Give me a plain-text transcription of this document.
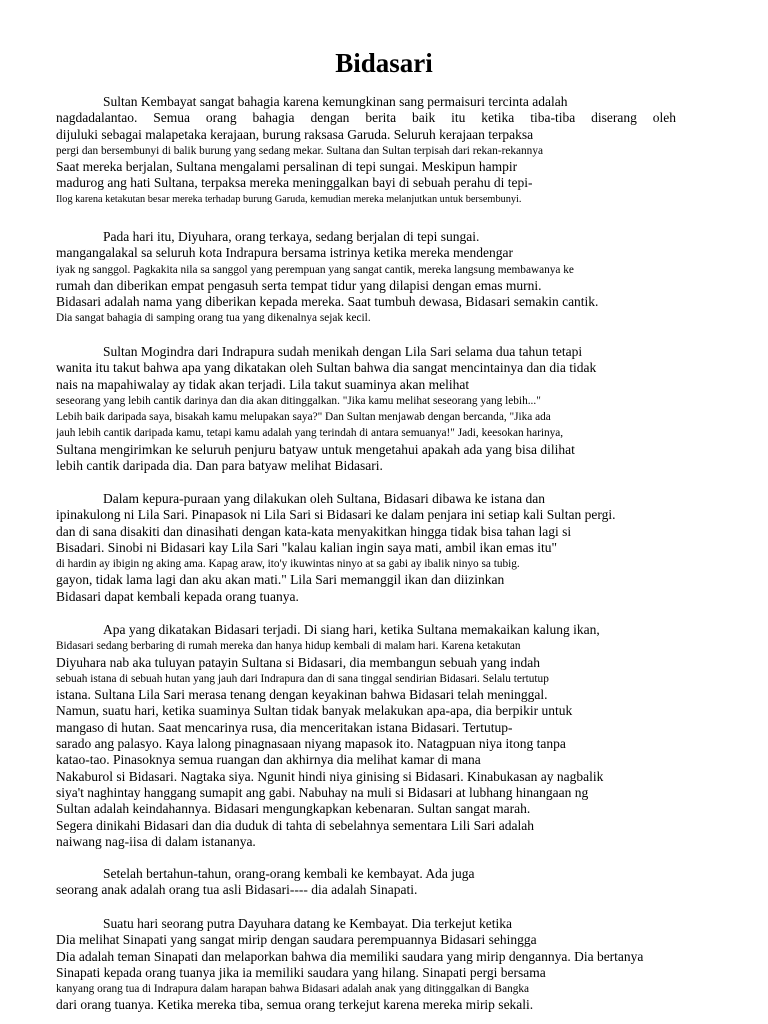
Bidasari
Sultan Kembayat sangat bahagia karena kemungkinan sang permaisuri tercinta adalah
nagdadalantao. Semua orang bahagia dengan berita baik itu ketika tiba-tiba diserang oleh
dijuluki sebagai malapetaka kerajaan, burung raksasa Garuda. Seluruh kerajaan terpaksa
pergi dan bersembunyi di balik burung yang sedang mekar. Sultana dan Sultan terpisah dari rekan-rekannya
Saat mereka berjalan, Sultana mengalami persalinan di tepi sungai. Meskipun hampir
madurog ang hati Sultana, terpaksa mereka meninggalkan bayi di sebuah perahu di tepi-
Ilog karena ketakutan besar mereka terhadap burung Garuda, kemudian mereka melanjutkan untuk bersembunyi.
Pada hari itu, Diyuhara, orang terkaya, sedang berjalan di tepi sungai.
mangangalakal sa seluruh kota Indrapura bersama istrinya ketika mereka mendengar
iyak ng sanggol. Pagkakita nila sa sanggol yang perempuan yang sangat cantik, mereka langsung membawanya ke
rumah dan diberikan empat pengasuh serta tempat tidur yang dilapisi dengan emas murni.
Bidasari adalah nama yang diberikan kepada mereka. Saat tumbuh dewasa, Bidasari semakin cantik.
Dia sangat bahagia di samping orang tua yang dikenalnya sejak kecil.
Sultan Mogindra dari Indrapura sudah menikah dengan Lila Sari selama dua tahun tetapi
wanita itu takut bahwa apa yang dikatakan oleh Sultan bahwa dia sangat mencintainya dan dia tidak
nais na mapahiwalay ay tidak akan terjadi. Lila takut suaminya akan melihat
seseorang yang lebih cantik darinya dan dia akan ditinggalkan. "Jika kamu melihat seseorang yang lebih..."
Lebih baik daripada saya, bisakah kamu melupakan saya?" Dan Sultan menjawab dengan bercanda, "Jika ada
jauh lebih cantik daripada kamu, tetapi kamu adalah yang terindah di antara semuanya!" Jadi, keesokan harinya,
Sultana mengirimkan ke seluruh penjuru batyaw untuk mengetahui apakah ada yang bisa dilihat
lebih cantik daripada dia. Dan para batyaw melihat Bidasari.
Dalam kepura-puraan yang dilakukan oleh Sultana, Bidasari dibawa ke istana dan
ipinakulong ni Lila Sari. Pinapasok ni Lila Sari si Bidasari ke dalam penjara ini setiap kali Sultan pergi.
dan di sana disakiti dan dinasihati dengan kata-kata menyakitkan hingga tidak bisa tahan lagi si
Bisadari. Sinobi ni Bidasari kay Lila Sari "kalau kalian ingin saya mati, ambil ikan emas itu"
di hardin ay ibigin ng aking ama. Kapag araw, ito'y ikuwintas ninyo at sa gabi ay ibalik ninyo sa tubig.
gayon, tidak lama lagi dan aku akan mati." Lila Sari memanggil ikan dan diizinkan
Bidasari dapat kembali kepada orang tuanya.
Apa yang dikatakan Bidasari terjadi. Di siang hari, ketika Sultana memakaikan kalung ikan,
Bidasari sedang berbaring di rumah mereka dan hanya hidup kembali di malam hari. Karena ketakutan
Diyuhara nab aka tuluyan patayin Sultana si Bidasari, dia membangun sebuah yang indah
sebuah istana di sebuah hutan yang jauh dari Indrapura dan di sana tinggal sendirian Bidasari. Selalu tertutup
istana. Sultana Lila Sari merasa tenang dengan keyakinan bahwa Bidasari telah meninggal.
Namun, suatu hari, ketika suaminya Sultan tidak banyak melakukan apa-apa, dia berpikir untuk
mangaso di hutan. Saat mencarinya rusa, dia menceritakan istana Bidasari. Tertutup-
sarado ang palasyo. Kaya lalong pinagnasaan niyang mapasok ito. Natagpuan niya itong tanpa
katao-tao. Pinasoknya semua ruangan dan akhirnya dia melihat kamar di mana
Nakaburol si Bidasari. Nagtaka siya. Ngunit hindi niya ginising si Bidasari. Kinabukasan ay nagbalik
siya't naghintay hanggang sumapit ang gabi. Nabuhay na muli si Bidasari at lubhang hinangaan ng
Sultan adalah keindahannya. Bidasari mengungkapkan kebenaran. Sultan sangat marah.
Segera dinikahi Bidasari dan dia duduk di tahta di sebelahnya sementara Lili Sari adalah
naiwang nag-iisa di dalam istananya.
Setelah bertahun-tahun, orang-orang kembali ke kembayat. Ada juga
seorang anak adalah orang tua asli Bidasari---- dia adalah Sinapati.
Suatu hari seorang putra Dayuhara datang ke Kembayat. Dia terkejut ketika
Dia melihat Sinapati yang sangat mirip dengan saudara perempuannya Bidasari sehingga
Dia adalah teman Sinapati dan melaporkan bahwa dia memiliki saudara yang mirip dengannya. Dia bertanya
Sinapati kepada orang tuanya jika ia memiliki saudara yang hilang. Sinapati pergi bersama
kanyang orang tua di Indrapura dalam harapan bahwa Bidasari adalah anak yang ditinggalkan di Bangka
dari orang tuanya. Ketika mereka tiba, semua orang terkejut karena mereka mirip sekali.
